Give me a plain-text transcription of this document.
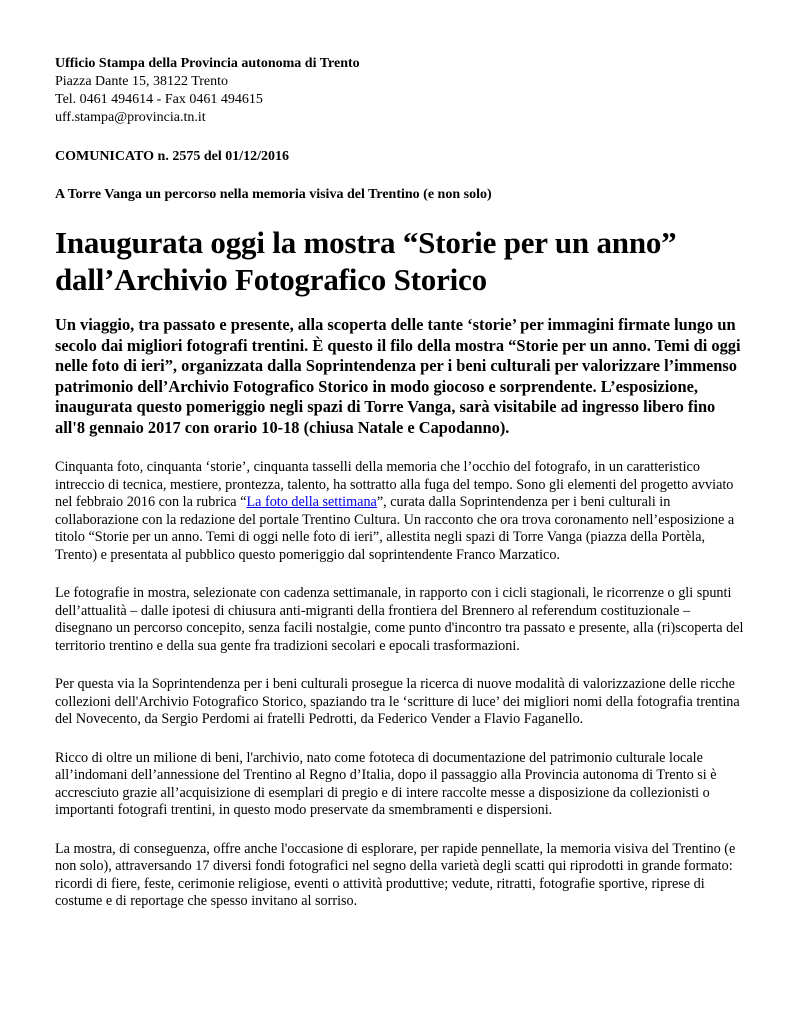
Ufficio Stampa della Provincia autonoma di Trento
Piazza Dante 15, 38122 Trento
Tel. 0461 494614 - Fax 0461 494615
uff.stampa@provincia.tn.it
COMUNICATO n. 2575 del 01/12/2016
A Torre Vanga un percorso nella memoria visiva del Trentino (e non solo)
Inaugurata oggi la mostra “Storie per un anno”
dall’Archivio Fotografico Storico
Un viaggio, tra passato e presente, alla scoperta delle tante ‘storie’ per immagini firmate lungo un secolo dai migliori fotografi trentini. È questo il filo della mostra “Storie per un anno. Temi di oggi nelle foto di ieri”, organizzata dalla Soprintendenza per i beni culturali per valorizzare l’immenso patrimonio dell’Archivio Fotografico Storico in modo giocoso e sorprendente. L’esposizione, inaugurata questo pomeriggio negli spazi di Torre Vanga, sarà visitabile ad ingresso libero fino all'8 gennaio 2017 con orario 10-18 (chiusa Natale e Capodanno).

Cinquanta foto, cinquanta ‘storie’, cinquanta tasselli della memoria che l’occhio del fotografo, in un caratteristico intreccio di tecnica, mestiere, prontezza, talento, ha sottratto alla fuga del tempo. Sono gli elementi del progetto avviato nel febbraio 2016 con la rubrica “La foto della settimana”, curata dalla Soprintendenza per i beni culturali in collaborazione con la redazione del portale Trentino Cultura. Un racconto che ora trova coronamento nell’esposizione a titolo “Storie per un anno. Temi di oggi nelle foto di ieri”, allestita negli spazi di Torre Vanga (piazza della Portèla, Trento) e presentata al pubblico questo pomeriggio dal soprintendente Franco Marzatico.

Le fotografie in mostra, selezionate con cadenza settimanale, in rapporto con i cicli stagionali, le ricorrenze o gli spunti dell’attualità – dalle ipotesi di chiusura anti-migranti della frontiera del Brennero al referendum costituzionale – disegnano un percorso concepito, senza facili nostalgie, come punto d'incontro tra passato e presente, alla (ri)scoperta del territorio trentino e della sua gente fra tradizioni secolari e epocali trasformazioni.

Per questa via la Soprintendenza per i beni culturali prosegue la ricerca di nuove modalità di valorizzazione delle ricche collezioni dell'Archivio Fotografico Storico, spaziando tra le ‘scritture di luce’ dei migliori nomi della fotografia trentina del Novecento, da Sergio Perdomi ai fratelli Pedrotti, da Federico Vender a Flavio Faganello.

Ricco di oltre un milione di beni, l'archivio, nato come fototeca di documentazione del patrimonio culturale locale all’indomani dell’annessione del Trentino al Regno d’Italia, dopo il passaggio alla Provincia autonoma di Trento si è accresciuto grazie all’acquisizione di esemplari di pregio e di intere raccolte messe a disposizione da collezionisti o importanti fotografi trentini, in questo modo preservate da smembramenti e dispersioni.

La mostra, di conseguenza, offre anche l'occasione di esplorare, per rapide pennellate, la memoria visiva del Trentino (e non solo), attraversando 17 diversi fondi fotografici nel segno della varietà degli scatti qui riprodotti in grande formato: ricordi di fiere, feste, cerimonie religiose, eventi o attività produttive; vedute, ritratti, fotografie sportive, riprese di costume e di reportage che spesso invitano al sorriso.
